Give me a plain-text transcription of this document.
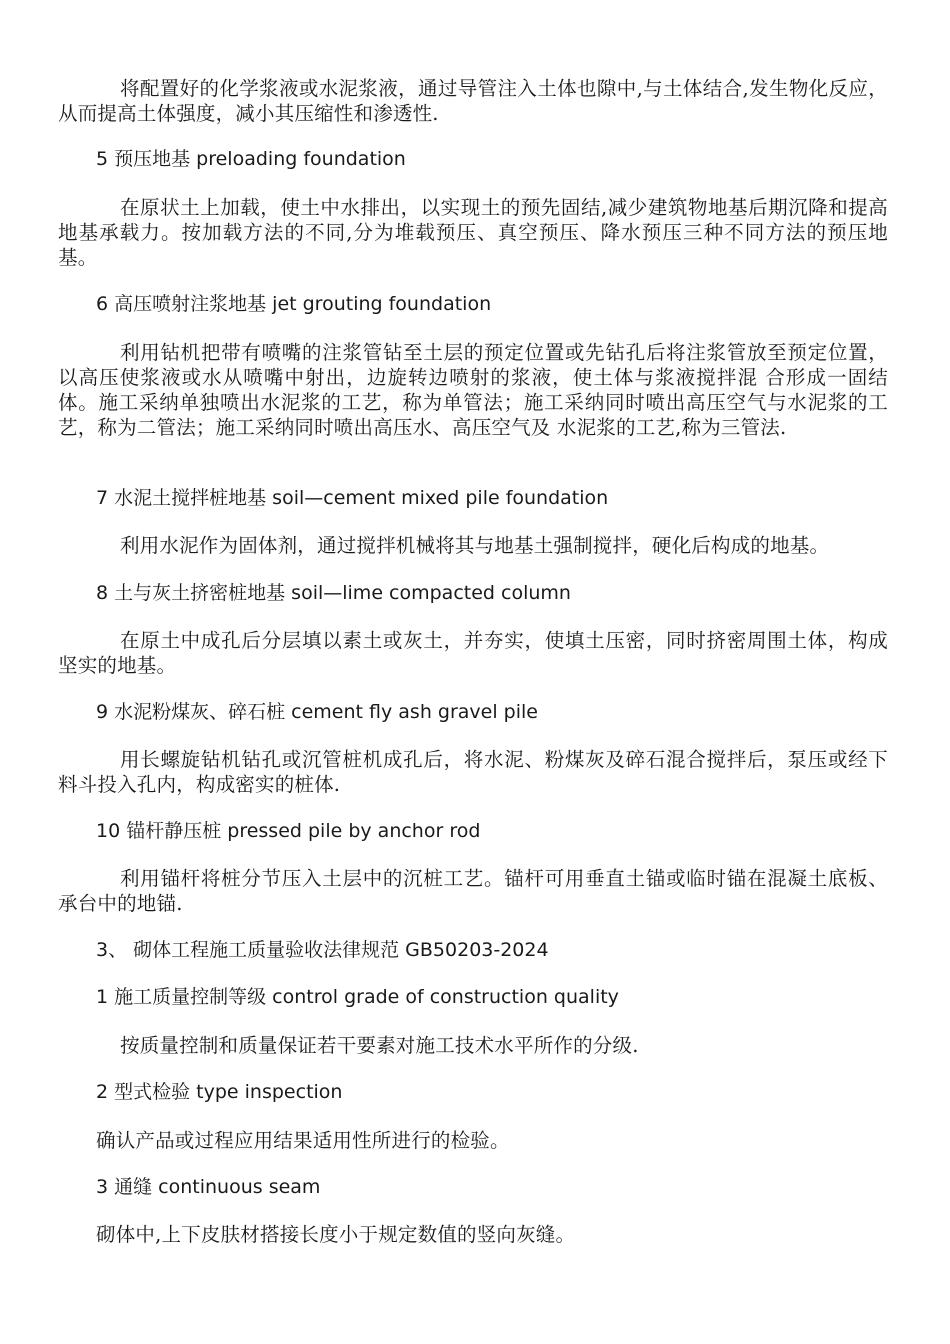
将配置好的化学浆液或水泥浆液，通过导管注入土体也隙中,与土体结合,发生物化反应，从而提高土体强度，减小其压缩性和渗透性.

5 预压地基 preloading foundation

在原状土上加载，使土中水排出，以实现土的预先固结,减少建筑物地基后期沉降和提高地基承载力。按加载方法的不同,分为堆载预压、真空预压、降水预压三种不同方法的预压地基。

6 高压喷射注浆地基 jet grouting foundation

利用钻机把带有喷嘴的注浆管钻至土层的预定位置或先钻孔后将注浆管放至预定位置，以高压使浆液或水从喷嘴中射出，边旋转边喷射的浆液，使土体与浆液搅拌混 合形成一固结体。施工采纳单独喷出水泥浆的工艺，称为单管法；施工采纳同时喷出高压空气与水泥浆的工艺，称为二管法；施工采纳同时喷出高压水、高压空气及 水泥浆的工艺,称为三管法.

7 水泥土搅拌桩地基 soil—cement mixed pile foundation

利用水泥作为固体剂，通过搅拌机械将其与地基土强制搅拌，硬化后构成的地基。

8 土与灰土挤密桩地基 soil—lime compacted column

在原土中成孔后分层填以素土或灰土，并夯实，使填土压密，同时挤密周围土体，构成坚实的地基。

9 水泥粉煤灰、碎石桩 cement fly ash gravel pile

用长螺旋钻机钻孔或沉管桩机成孔后，将水泥、粉煤灰及碎石混合搅拌后，泵压或经下料斗投入孔内，构成密实的桩体.

10 锚杆静压桩 pressed pile by anchor rod

利用锚杆将桩分节压入土层中的沉桩工艺。锚杆可用垂直土锚或临时锚在混凝土底板、承台中的地锚.

3、 砌体工程施工质量验收法律规范 GB50203-2024
1 施工质量控制等级 control grade of construction quality

按质量控制和质量保证若干要素对施工技术水平所作的分级.

2 型式检验 type inspection

确认产品或过程应用结果适用性所进行的检验。

3 通缝 continuous seam

砌体中,上下皮肤材搭接长度小于规定数值的竖向灰缝。
